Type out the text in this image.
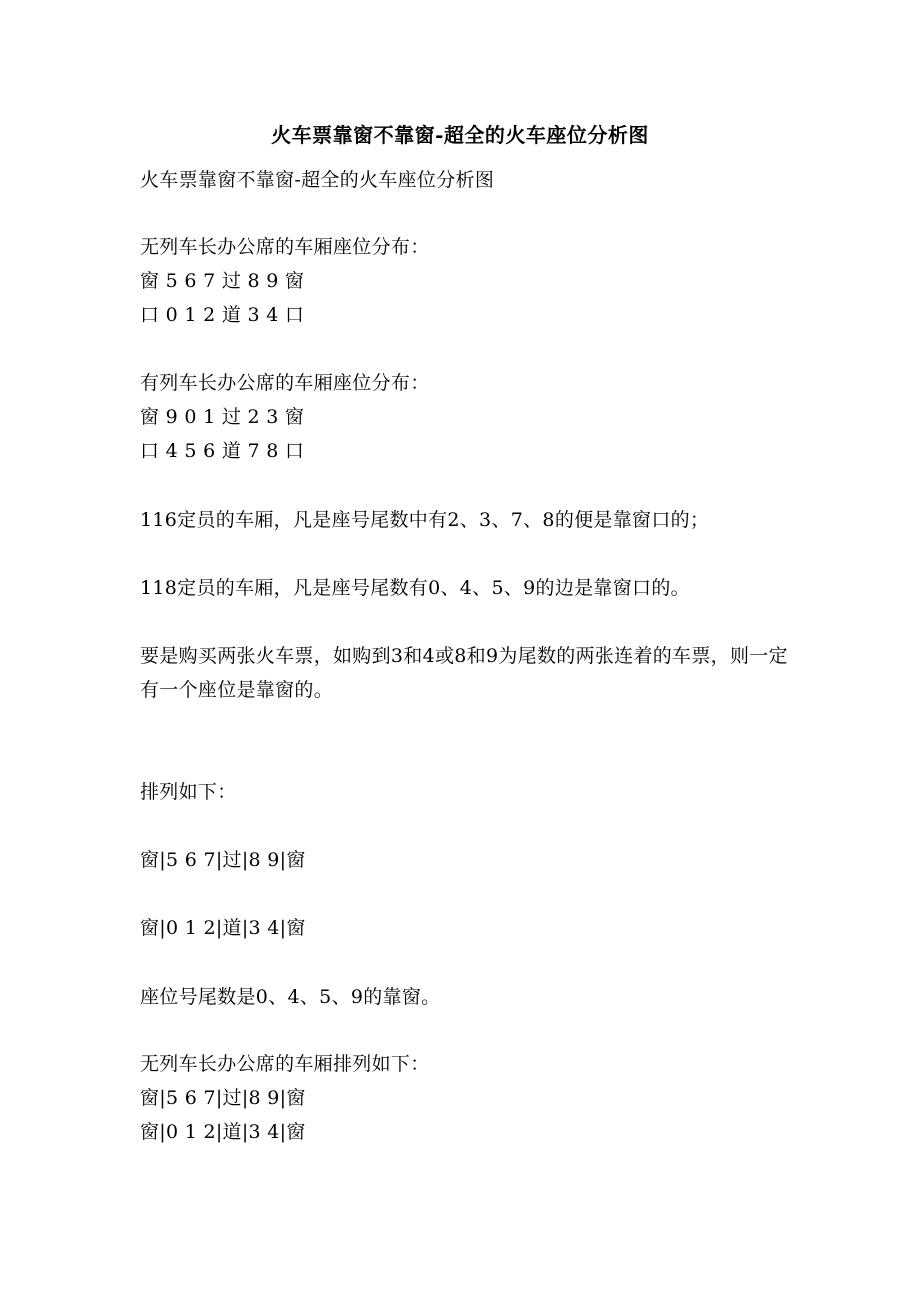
火车票靠窗不靠窗-超全的火车座位分析图
火车票靠窗不靠窗-超全的火车座位分析图
无列车长办公席的车厢座位分布：
窗 5 6 7 过 8 9 窗
口 0 1 2 道 3 4 口
有列车长办公席的车厢座位分布：
窗 9 0 1 过 2 3 窗
口 4 5 6 道 7 8 口
116定员的车厢，凡是座号尾数中有2、3、7、8的便是靠窗口的；
118定员的车厢，凡是座号尾数有0、4、5、9的边是靠窗口的。
要是购买两张火车票，如购到3和4或8和9为尾数的两张连着的车票，则一定有一个座位是靠窗的。
排列如下：
窗|5 6 7|过|8 9|窗
窗|0 1 2|道|3 4|窗
座位号尾数是0、4、5、9的靠窗。
无列车长办公席的车厢排列如下：
窗|5 6 7|过|8 9|窗
窗|0 1 2|道|3 4|窗
